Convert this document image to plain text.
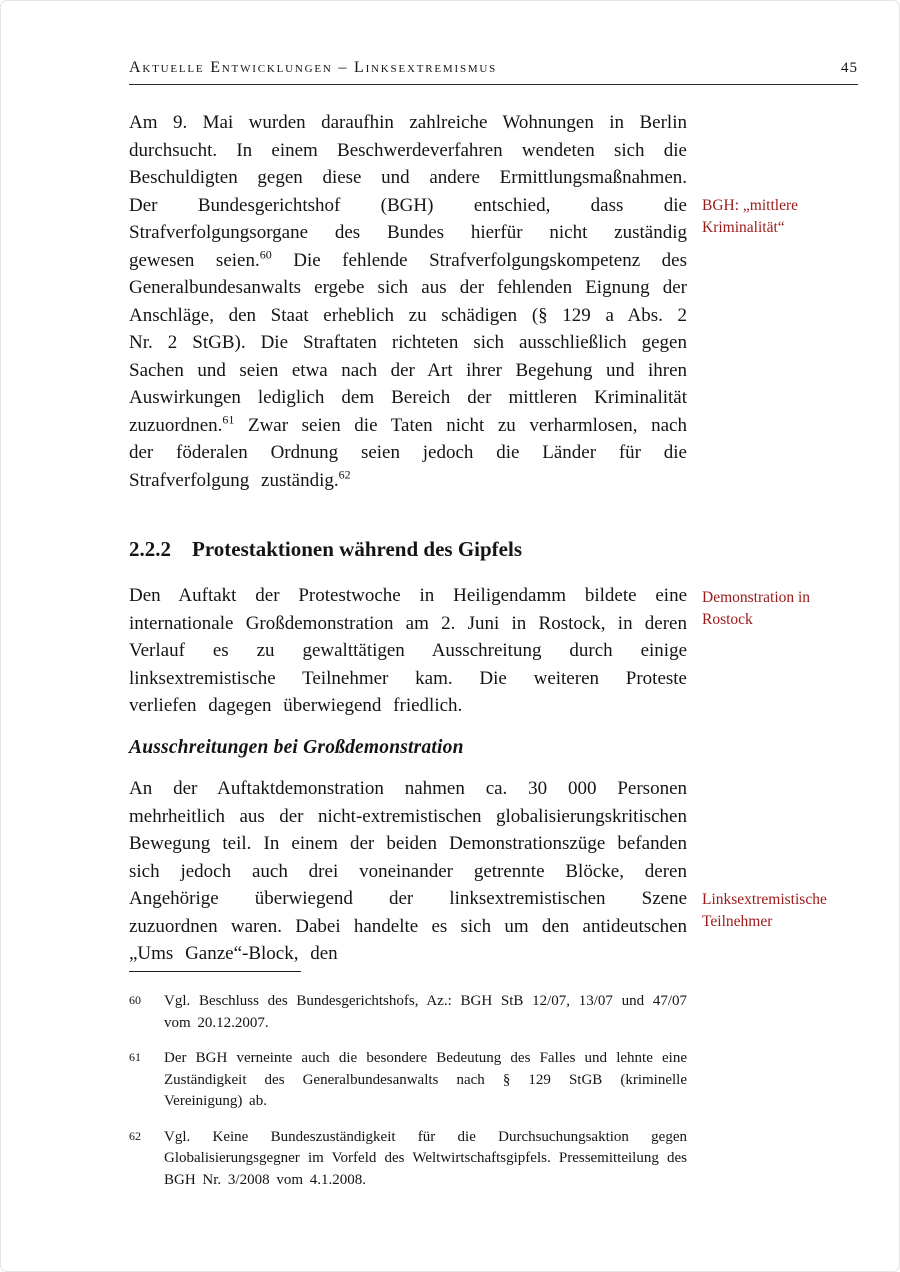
Aktuelle Entwicklungen – Linksextremismus	45

Am 9. Mai wurden daraufhin zahlreiche Wohnungen in Berlin durchsucht. In einem Beschwerdeverfahren wendeten sich die Beschuldigten gegen diese und andere Ermittlungsmaßnahmen. Der Bundesgerichtshof (BGH) entschied, dass die Strafverfolgungsorgane des Bundes hierfür nicht zuständig gewesen seien.$^{60}$ Die fehlende Strafverfolgungskompetenz des Generalbundesanwalts ergebe sich aus der fehlenden Eignung der Anschläge, den Staat erheblich zu schädigen (§ 129 a Abs. 2 Nr. 2 StGB). Die Straftaten richteten sich ausschließlich gegen Sachen und seien etwa nach der Art ihrer Begehung und ihren Auswirkungen lediglich dem Bereich der mittleren Kriminalität zuzuordnen.$^{61}$ Zwar seien die Taten nicht zu verharmlosen, nach der föderalen Ordnung seien jedoch die Länder für die Strafverfolgung zuständig.$^{62}$

2.2.2 Protestaktionen während des Gipfels

Den Auftakt der Protestwoche in Heiligendamm bildete eine internationale Großdemonstration am 2. Juni in Rostock, in deren Verlauf es zu gewalttätigen Ausschreitung durch einige linksextremistische Teilnehmer kam. Die weiteren Proteste verliefen dagegen überwiegend friedlich.

Ausschreitungen bei Großdemonstration

An der Auftaktdemonstration nahmen ca. 30 000 Personen mehrheitlich aus der nicht-extremistischen globalisierungskritischen Bewegung teil. In einem der beiden Demonstrationszüge befanden sich jedoch auch drei voneinander getrennte Blöcke, deren Angehörige überwiegend der linksextremistischen Szene zuzuordnen waren. Dabei handelte es sich um den antideutschen „Ums Ganze“-Block, den

BGH: „mittlere Kriminalität“
Demonstration in Rostock
Linksextremistische Teilnehmer
60	Vgl. Beschluss des Bundesgerichtshofs, Az.: BGH StB 12/07, 13/07 und 47/07 vom 20.12.2007.

61	Der BGH verneinte auch die besondere Bedeutung des Falles und lehnte eine Zuständigkeit des Generalbundesanwalts nach § 129 StGB (kriminelle Vereinigung) ab.

62	Vgl. Keine Bundeszuständigkeit für die Durchsuchungsaktion gegen Globalisierungsgegner im Vorfeld des Weltwirtschaftsgipfels. Pressemitteilung des BGH Nr. 3/2008 vom 4.1.2008.
